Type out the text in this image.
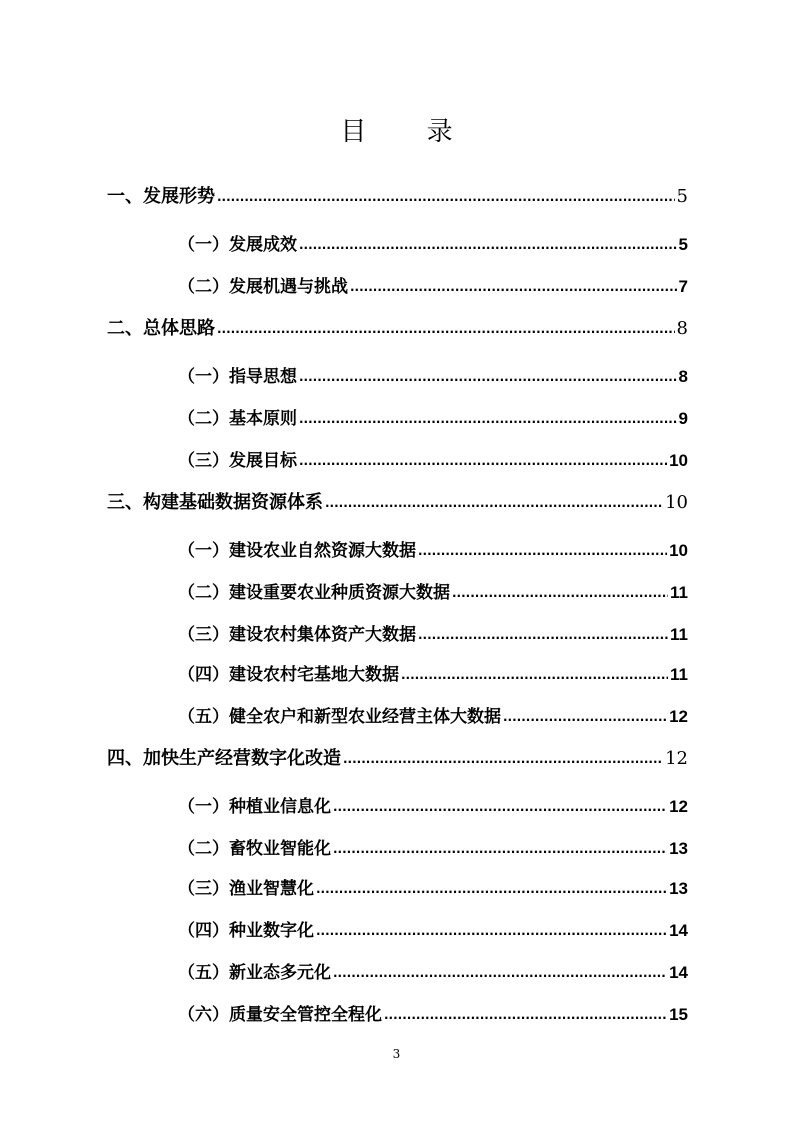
目 录
一、发展形势 .....	5
（一）发展成效 .....	5
（二）发展机遇与挑战 .....	7
二、总体思路 .....	8
（一）指导思想 .....	8
（二）基本原则 .....	9
（三）发展目标 .....	10
三、构建基础数据资源体系 .....	10
（一）建设农业自然资源大数据 .....	10
（二）建设重要农业种质资源大数据 .....	11
（三）建设农村集体资产大数据 .....	11
（四）建设农村宅基地大数据 .....	11
（五）健全农户和新型农业经营主体大数据 .....	12
四、加快生产经营数字化改造 .....	12
（一）种植业信息化 .....	12
（二）畜牧业智能化 .....	13
（三）渔业智慧化 .....	13
（四）种业数字化 .....	14
（五）新业态多元化 .....	14
（六）质量安全管控全程化 .....	15
3
